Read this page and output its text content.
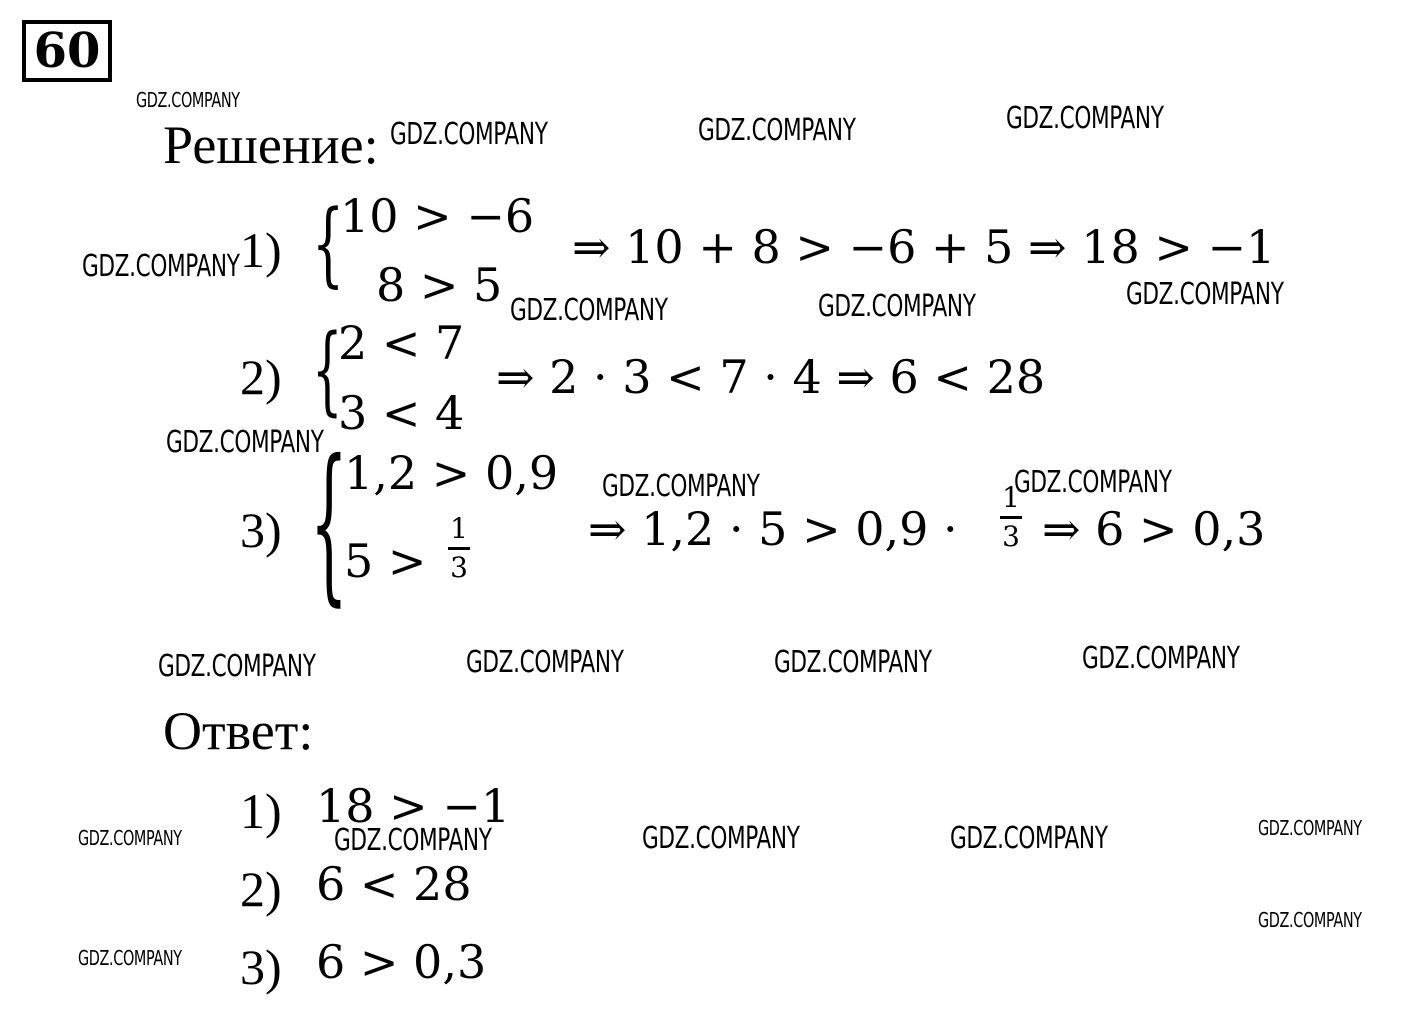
60
Решение:
1) {
10 > −6
8 > 5
⇒ 10 + 8 > −6 + 5 ⇒ 18 > −1
2) {
2 < 7
3 < 4
⇒ 2 · 3 < 7 · 4 ⇒ 6 < 28
3) {
1,2 > 0,9
5 >
1
3
⇒ 1,2 · 5 > 0,9 ·
1
3 ⇒ 6 > 0,3
Ответ:
1) 18 > −1
2) 6 < 28
3) 6 > 0,3
GDZ.COMPANY
GDZ.COMPANY	GDZ.COMPANY	GDZ.COMPANY
GDZ.COMPANY
GDZ.COMPANY	GDZ.COMPANY	GDZ.COMPANY
GDZ.COMPANY
GDZ.COMPANY	GDZ.COMPANY
GDZ.COMPANY	GDZ.COMPANY	GDZ.COMPANY	GDZ.COMPANY
GDZ.COMPANY	GDZ.COMPANY	GDZ.COMPANY	GDZ.COMPANY	GDZ.COMPANY
GDZ.COMPANY
GDZ.COMPANY
